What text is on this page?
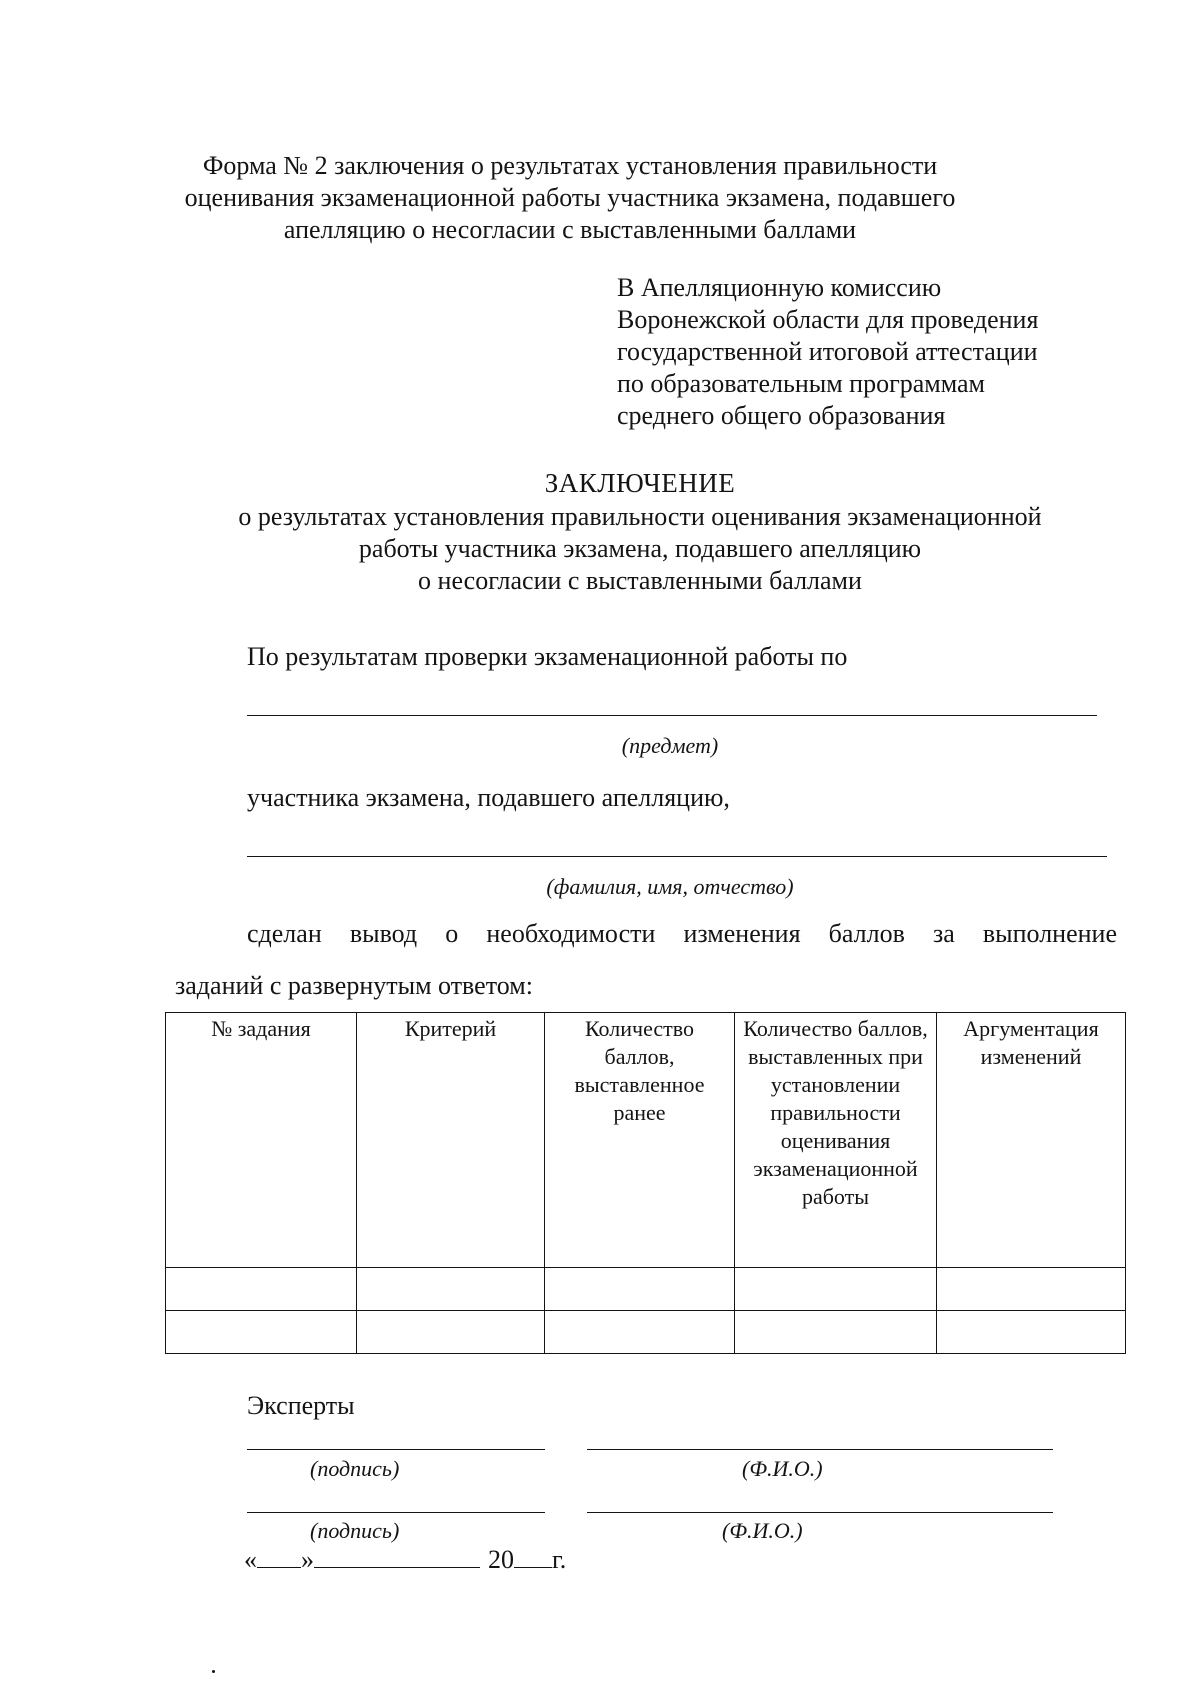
Форма № 2 заключения о результатах установления правильности
оценивания экзаменационной работы участника экзамена, подавшего
апелляцию о несогласии с выставленными баллами
В Апелляционную комиссию
Воронежской области для проведения
государственной итоговой аттестации
по образовательным программам
среднего общего образования
ЗАКЛЮЧЕНИЕ
о результатах установления правильности оценивания экзаменационной
работы участника экзамена, подавшего апелляцию
о несогласии с выставленными баллами
По результатам проверки экзаменационной работы по
(предмет)
участника экзамена, подавшего апелляцию,
(фамилия, имя, отчество)
сделан вывод о необходимости изменения баллов за выполнение
заданий с развернутым ответом:
№ задания	Критерий	Количество баллов, выставленное ранее	Количество баллов, выставленных при установлении правильности оценивания экзаменационной работы	Аргументация изменений

Эксперты
(подпись)	(Ф.И.О.)
(подпись)	(Ф.И.О.)
« »	20 г.
